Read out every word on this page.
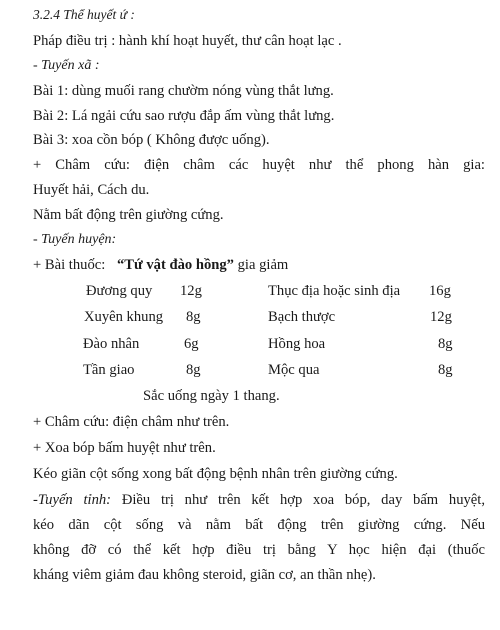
3.2.4 Thể huyết ứ :
Pháp điều trị : hành khí hoạt huyết, thư cân hoạt lạc .
- Tuyến xã :
Bài 1: dùng muối rang chườm nóng vùng thắt lưng.
Bài 2: Lá ngải cứu sao rượu đắp ấm vùng thắt lưng.
Bài 3: xoa cồn bóp ( Không được uống).
+ Châm cứu: điện châm các huyệt như thể phong hàn gia:
Huyết hải, Cách du.
Nằm bất động trên giường cứng.
- Tuyến huyện:
+ Bài thuốc: “Tứ vật đào hồng” gia giảm
Đương quy 12g	Thục địa hoặc sinh địa 16g
Xuyên khung 8g	Bạch thược	12g
Đào nhân	6g	Hồng hoa	8g
Tần giao	8g	Mộc qua	8g
Sắc uống ngày 1 thang.
+ Châm cứu: điện châm như trên.
+ Xoa bóp bấm huyệt như trên.
Kéo giãn cột sống xong bất động bệnh nhân trên giường cứng.
-Tuyến tỉnh: Điều trị như trên kết hợp xoa bóp, day bấm huyệt,
kéo dãn cột sống và nằm bất động trên giường cứng. Nếu
không đỡ có thể kết hợp điều trị bằng Y học hiện đại (thuốc
kháng viêm giảm đau không steroid, giãn cơ, an thần nhẹ).
